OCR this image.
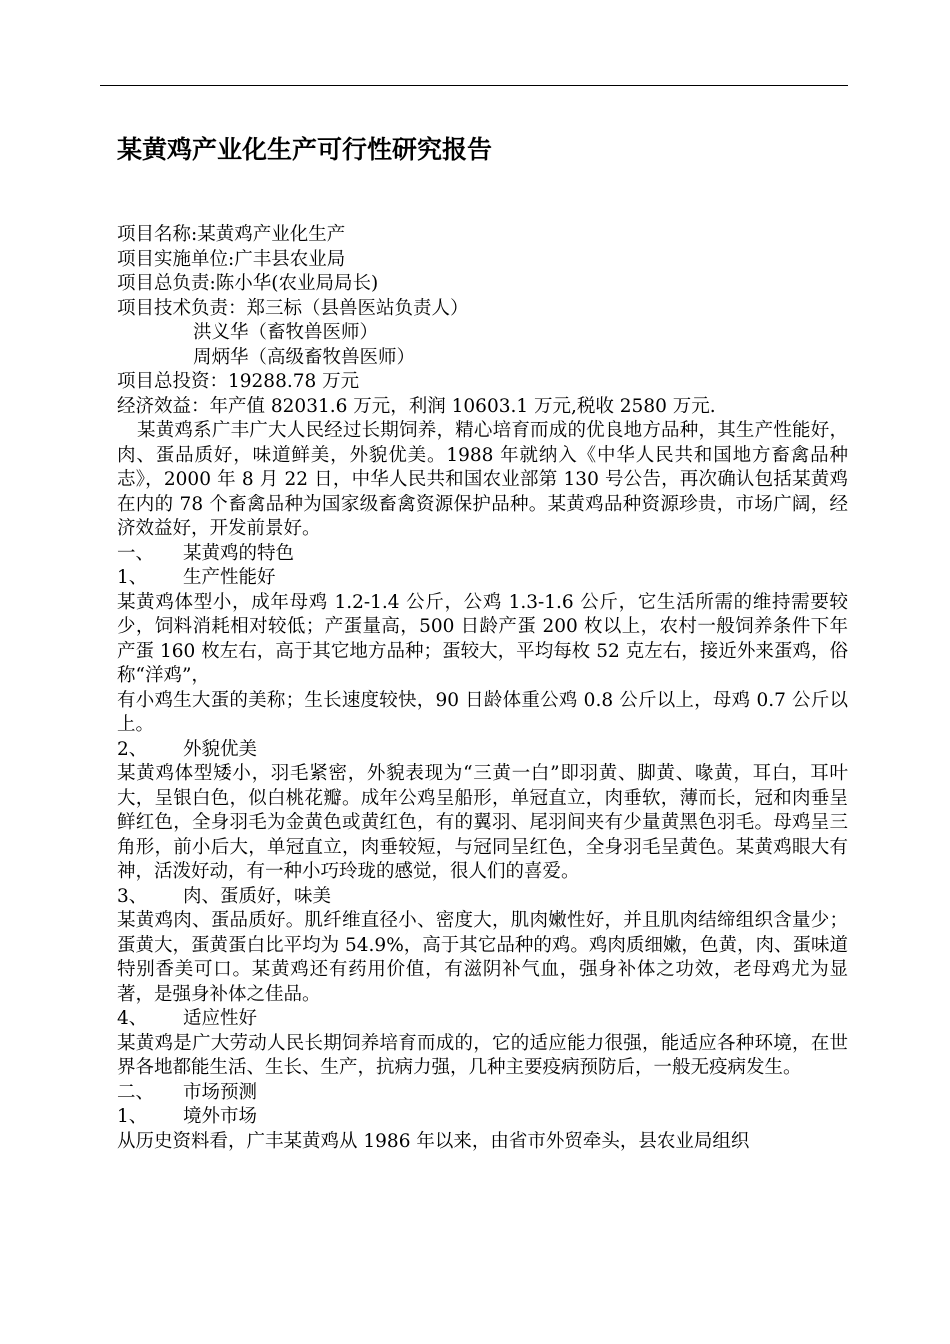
某黄鸡产业化生产可行性研究报告
项目名称:某黄鸡产业化生产
项目实施单位:广丰县农业局
项目总负责:陈小华(农业局局长)
项目技术负责：郑三标（县兽医站负责人）
洪义华（畜牧兽医师）
周炳华（高级畜牧兽医师）
项目总投资：19288.78 万元
经济效益：年产值 82031.6 万元，利润 10603.1 万元,税收 2580 万元.

某黄鸡系广丰广大人民经过长期饲养，精心培育而成的优良地方品种，其生产性能好，肉、蛋品质好，味道鲜美，外貌优美。1988 年就纳入《中华人民共和国地方畜禽品种志》，2000 年 8 月 22 日，中华人民共和国农业部第 130 号公告，再次确认包括某黄鸡在内的 78 个畜禽品种为国家级畜禽资源保护品种。某黄鸡品种资源珍贵，市场广阔，经济效益好，开发前景好。

一、 某黄鸡的特色
1、 生产性能好

某黄鸡体型小，成年母鸡 1.2-1.4 公斤，公鸡 1.3-1.6 公斤，它生活所需的维持需要较少，饲料消耗相对较低；产蛋量高，500 日龄产蛋 200 枚以上，农村一般饲养条件下年产蛋 160 枚左右，高于其它地方品种；蛋较大，平均每枚 52 克左右，接近外来蛋鸡，俗称“洋鸡”，

有小鸡生大蛋的美称；生长速度较快，90 日龄体重公鸡 0.8 公斤以上，母鸡 0.7 公斤以上。

2、 外貌优美

某黄鸡体型矮小，羽毛紧密，外貌表现为“三黄一白”即羽黄、脚黄、喙黄，耳白，耳叶大，呈银白色，似白桃花瓣。成年公鸡呈船形，单冠直立，肉垂软，薄而长，冠和肉垂呈鲜红色，全身羽毛为金黄色或黄红色，有的翼羽、尾羽间夹有少量黄黑色羽毛。母鸡呈三角形，前小后大，单冠直立，肉垂较短，与冠同呈红色，全身羽毛呈黄色。某黄鸡眼大有神，活泼好动，有一种小巧玲珑的感觉，很人们的喜爱。

3、 肉、蛋质好，味美

某黄鸡肉、蛋品质好。肌纤维直径小、密度大，肌肉嫩性好，并且肌肉结缔组织含量少；蛋黄大，蛋黄蛋白比平均为 54.9%，高于其它品种的鸡。鸡肉质细嫩，色黄，肉、蛋味道特别香美可口。某黄鸡还有药用价值，有滋阴补气血，强身补体之功效，老母鸡尤为显著，是强身补体之佳品。

4、 适应性好

某黄鸡是广大劳动人民长期饲养培育而成的，它的适应能力很强，能适应各种环境，在世界各地都能生活、生长、生产，抗病力强，几种主要疫病预防后，一般无疫病发生。

二、 市场预测
1、 境外市场

从历史资料看，广丰某黄鸡从 1986 年以来，由省市外贸牵头，县农业局组织
